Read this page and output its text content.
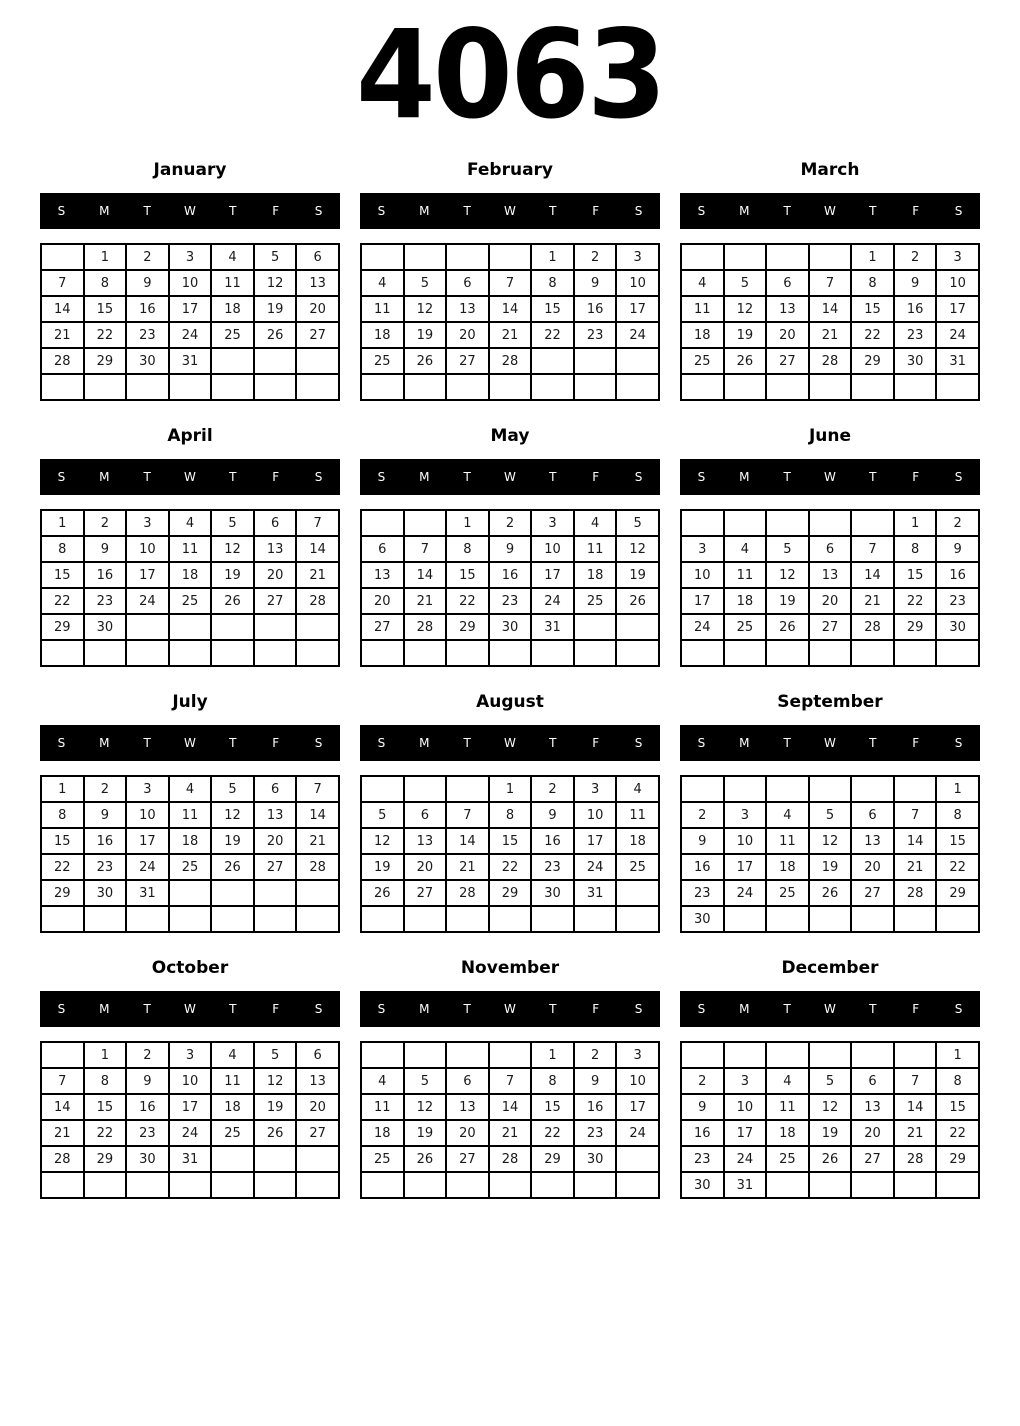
4063
January
S	M	T	W	T	F	S
	1	2	3	4	5	6
7	8	9	10	11	12	13
14	15	16	17	18	19	20
21	22	23	24	25	26	27
28	29	30	31			

February
S	M	T	W	T	F	S
				1	2	3
4	5	6	7	8	9	10
11	12	13	14	15	16	17
18	19	20	21	22	23	24
25	26	27	28			

March
S	M	T	W	T	F	S
				1	2	3
4	5	6	7	8	9	10
11	12	13	14	15	16	17
18	19	20	21	22	23	24
25	26	27	28	29	30	31

April
S	M	T	W	T	F	S
1	2	3	4	5	6	7
8	9	10	11	12	13	14
15	16	17	18	19	20	21
22	23	24	25	26	27	28
29	30					

May
S	M	T	W	T	F	S
		1	2	3	4	5
6	7	8	9	10	11	12
13	14	15	16	17	18	19
20	21	22	23	24	25	26
27	28	29	30	31		

June
S	M	T	W	T	F	S
					1	2
3	4	5	6	7	8	9
10	11	12	13	14	15	16
17	18	19	20	21	22	23
24	25	26	27	28	29	30

July
S	M	T	W	T	F	S
1	2	3	4	5	6	7
8	9	10	11	12	13	14
15	16	17	18	19	20	21
22	23	24	25	26	27	28
29	30	31				

August
S	M	T	W	T	F	S
			1	2	3	4
5	6	7	8	9	10	11
12	13	14	15	16	17	18
19	20	21	22	23	24	25
26	27	28	29	30	31	

September
S	M	T	W	T	F	S
						1
2	3	4	5	6	7	8
9	10	11	12	13	14	15
16	17	18	19	20	21	22
23	24	25	26	27	28	29
30						
October
S	M	T	W	T	F	S
	1	2	3	4	5	6
7	8	9	10	11	12	13
14	15	16	17	18	19	20
21	22	23	24	25	26	27
28	29	30	31			

November
S	M	T	W	T	F	S
				1	2	3
4	5	6	7	8	9	10
11	12	13	14	15	16	17
18	19	20	21	22	23	24
25	26	27	28	29	30	

December
S	M	T	W	T	F	S
						1
2	3	4	5	6	7	8
9	10	11	12	13	14	15
16	17	18	19	20	21	22
23	24	25	26	27	28	29
30	31					
